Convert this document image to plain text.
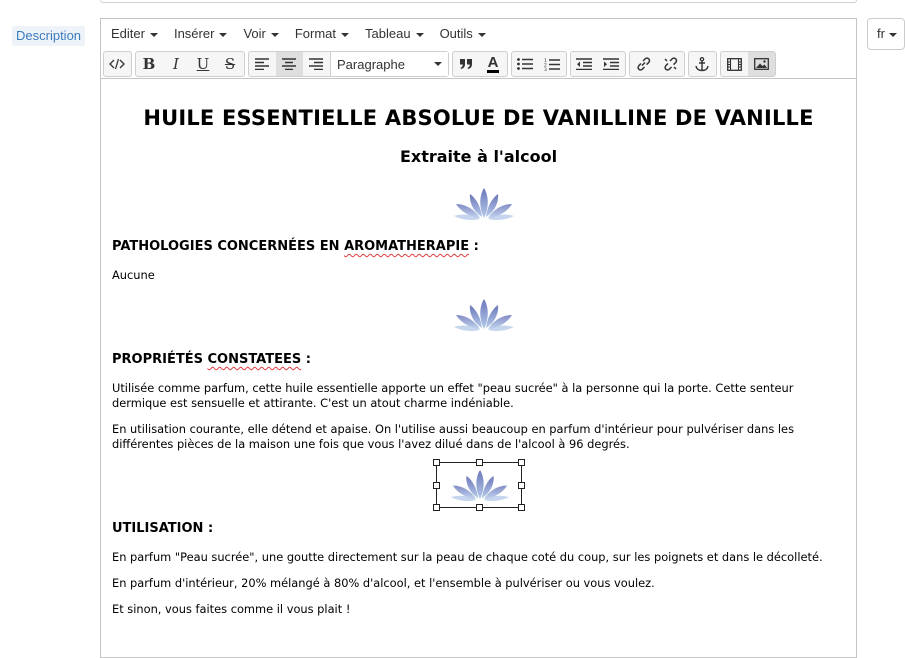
Description	fr
Editer	Insérer	Voir	Format	Tableau	Outils
B I U S	Paragraphe	A	1
2
3
HUILE ESSENTIELLE ABSOLUE DE VANILLINE DE VANILLE
Extraite à l'alcool
PATHOLOGIES CONCERNÉES EN AROMATHERAPIE :
Aucune
PROPRIÉTÉS CONSTATEES :
Utilisée comme parfum, cette huile essentielle apporte un effet "peau sucrée" à la personne qui la porte. Cette senteur dermique est sensuelle et attirante. C'est un atout charme indéniable.
En utilisation courante, elle détend et apaise. On l'utilise aussi beaucoup en parfum d'intérieur pour pulvériser dans les différentes pièces de la maison une fois que vous l'avez dilué dans de l'alcool à 96 degrés.
UTILISATION :
En parfum "Peau sucrée", une goutte directement sur la peau de chaque coté du coup, sur les poignets et dans le décolleté.
En parfum d'intérieur, 20% mélangé à 80% d'alcool, et l'ensemble à pulvériser ou vous voulez.
Et sinon, vous faites comme il vous plait !
